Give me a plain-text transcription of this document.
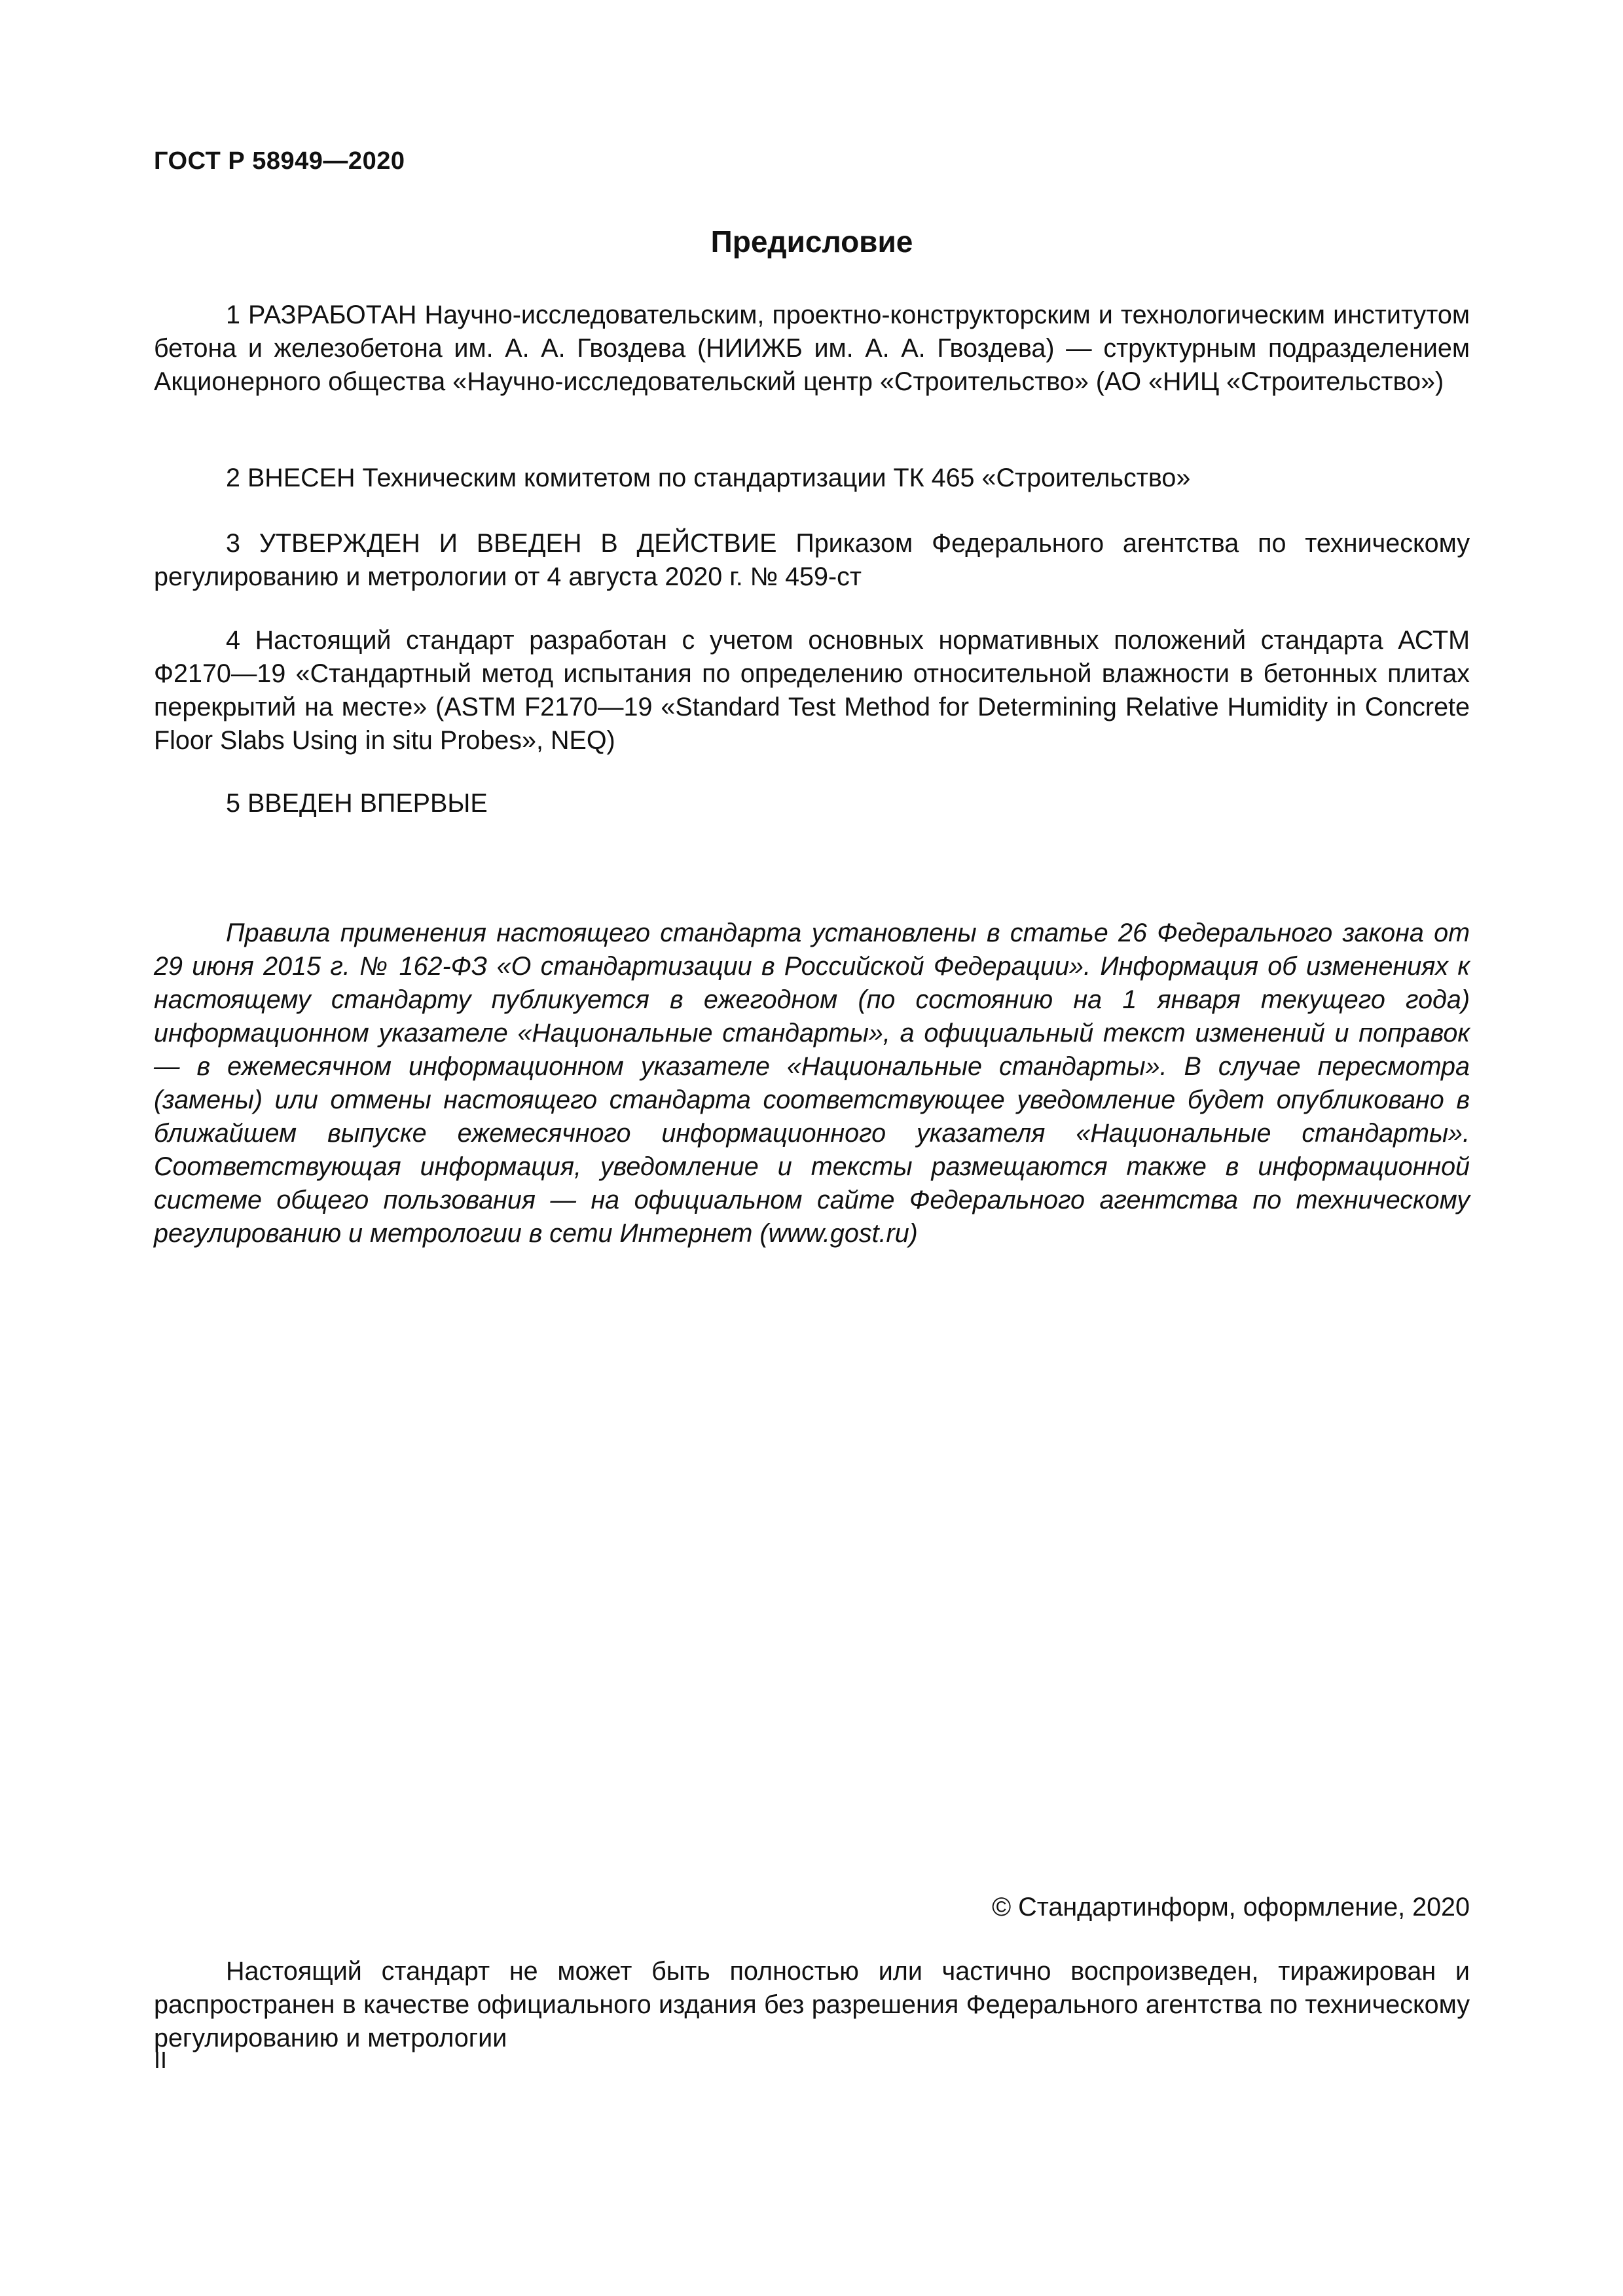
ГОСТ Р 58949—2020
Предисловие

1 РАЗРАБОТАН Научно-исследовательским, проектно-конструкторским и технологическим институтом бетона и железобетона им. А. А. Гвоздева (НИИЖБ им. А. А. Гвоздева) — структурным подразделением Акционерного общества «Научно-исследовательский центр «Строительство» (АО «НИЦ «Строительство»)

2 ВНЕСЕН Техническим комитетом по стандартизации ТК 465 «Строительство»

3 УТВЕРЖДЕН И ВВЕДЕН В ДЕЙСТВИЕ Приказом Федерального агентства по техническому регулированию и метрологии от 4 августа 2020 г. № 459-ст

4 Настоящий стандарт разработан с учетом основных нормативных положений стандарта АСТМ Ф2170—19 «Стандартный метод испытания по определению относительной влажности в бетонных плитах перекрытий на месте» (ASTM F2170—19 «Standard Test Method for Determining Relative Humidity in Concrete Floor Slabs Using in situ Probes», NEQ)

5 ВВЕДЕН ВПЕРВЫЕ

Правила применения настоящего стандарта установлены в статье 26 Федерального закона от 29 июня 2015 г. № 162-ФЗ «О стандартизации в Российской Федерации». Информация об изменениях к настоящему стандарту публикуется в ежегодном (по состоянию на 1 января текущего года) информационном указателе «Национальные стандарты», а официальный текст изменений и поправок — в ежемесячном информационном указателе «Национальные стандарты». В случае пересмотра (замены) или отмены настоящего стандарта соответствующее уведомление будет опубликовано в ближайшем выпуске ежемесячного информационного указателя «Национальные стандарты». Соответствующая информация, уведомление и тексты размещаются также в информационной системе общего пользования — на официальном сайте Федерального агентства по техническому регулированию и метрологии в сети Интернет (www.gost.ru)

© Стандартинформ, оформление, 2020

Настоящий стандарт не может быть полностью или частично воспроизведен, тиражирован и распространен в качестве официального издания без разрешения Федерального агентства по техническому регулированию и метрологии

II
